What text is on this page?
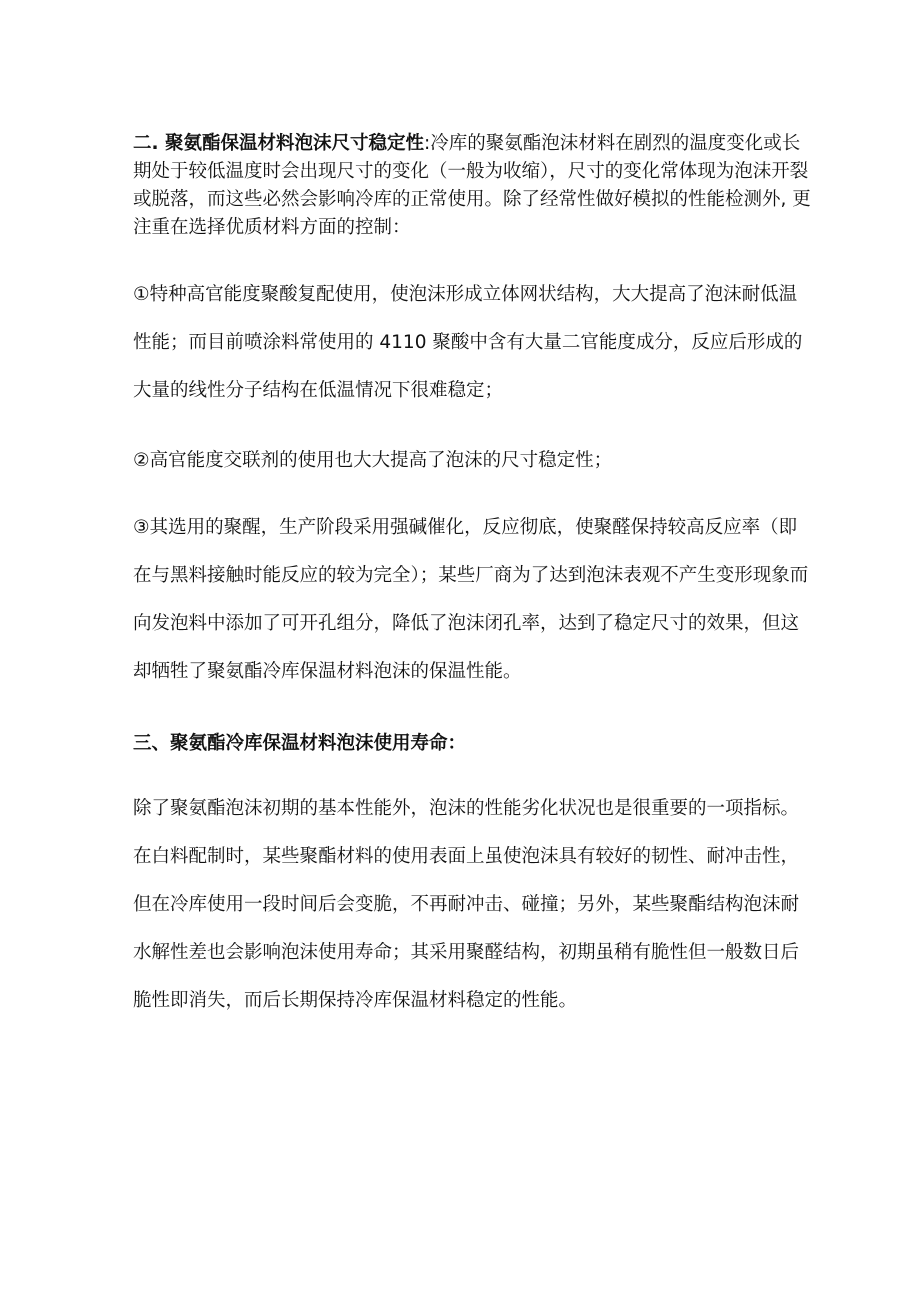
二. 聚氨酯保温材料泡沫尺寸稳定性:冷库的聚氨酯泡沫材料在剧烈的温度变化或长期处于较低温度时会出现尺寸的变化（一般为收缩），尺寸的变化常体现为泡沫开裂或脱落，而这些必然会影响冷库的正常使用。除了经常性做好模拟的性能检测外, 更注重在选择优质材料方面的控制：

①特种高官能度聚酸复配使用，使泡沫形成立体网状结构，大大提高了泡沫耐低温性能；而目前喷涂料常使用的 4110 聚酸中含有大量二官能度成分，反应后形成的大量的线性分子结构在低温情况下很难稳定；

②高官能度交联剂的使用也大大提高了泡沫的尺寸稳定性；

③其选用的聚醒，生产阶段采用强碱催化，反应彻底，使聚醛保持较高反应率（即在与黑料接触时能反应的较为完全）；某些厂商为了达到泡沫表观不产生变形现象而向发泡料中添加了可开孔组分，降低了泡沫闭孔率，达到了稳定尺寸的效果，但这却牺牲了聚氨酯冷库保温材料泡沫的保温性能。

三、聚氨酯冷库保温材料泡沫使用寿命：

除了聚氨酯泡沫初期的基本性能外，泡沫的性能劣化状况也是很重要的一项指标。在白料配制时，某些聚酯材料的使用表面上虽使泡沫具有较好的韧性、耐冲击性，但在冷库使用一段时间后会变脆，不再耐冲击、碰撞；另外，某些聚酯结构泡沫耐水解性差也会影响泡沫使用寿命；其采用聚醛结构，初期虽稍有脆性但一般数日后脆性即消失，而后长期保持冷库保温材料稳定的性能。
